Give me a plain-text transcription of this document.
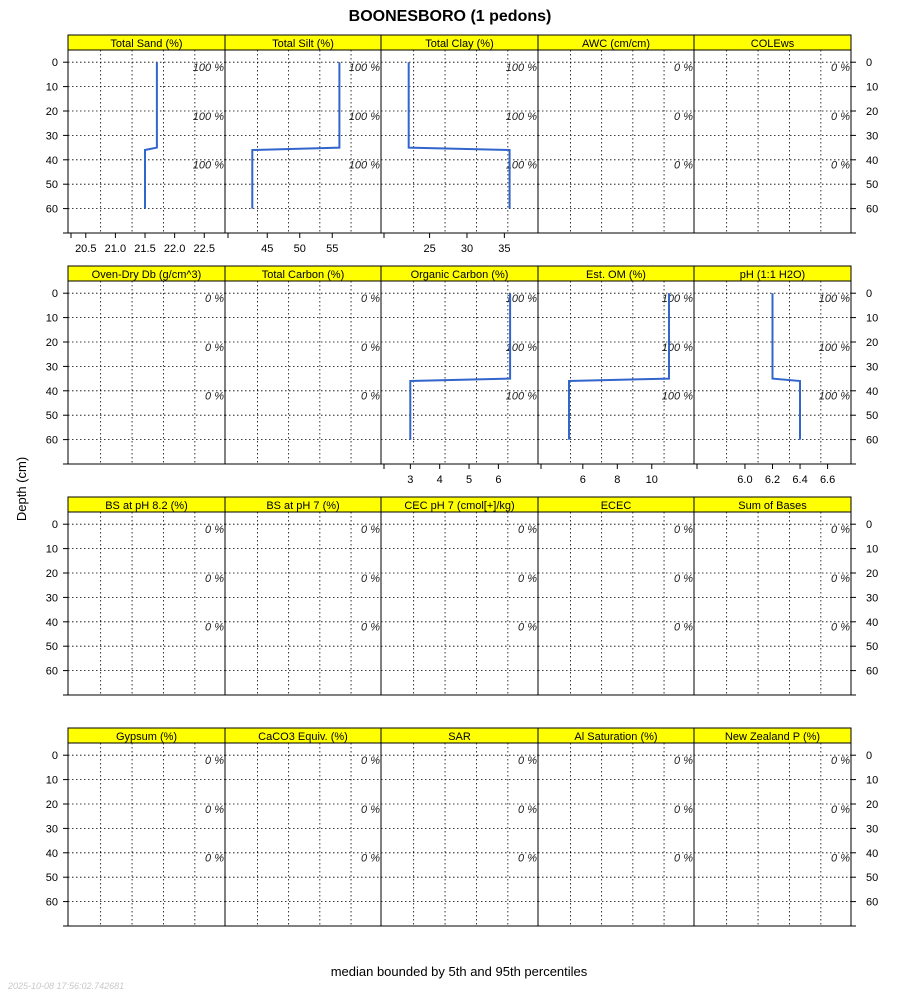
BOONESBORO (1 pedons)
Depth (cm)
median bounded by 5th and 95th percentiles
2025-10-08 17:56:02.742681
Total Sand (%)
100 %
100 %
100 %
20.5 21.0 21.5 22.0 22.5
Total Silt (%)
100 %
100 %
100 %
45 50 55
Total Clay (%)
100 %
100 %
100 %
25 30 35
AWC (cm/cm)
0 %
0 %
0 %
COLEws
0 %
0 %
0 %
0	0
10	10
20	20
30	30
40	40
50	50
60	60
Oven-Dry Db (g/cm^3)
0 %
0 %
0 %
Total Carbon (%)
0 %
0 %
0 %
Organic Carbon (%)
100 %
100 %
100 %
3 4 5 6
Est. OM (%)
100 %
100 %
100 %
6	8 10
pH (1:1 H2O)
100 %
100 %
100 %
6.0 6.2 6.4 6.6
0	0
10	10
20	20
30	30
40	40
50	50
60	60
BS at pH 8.2 (%)
0 %
0 %
0 %
BS at pH 7 (%)
0 %
0 %
0 %
CEC pH 7 (cmol[+]/kg)
0 %
0 %
0 %
ECEC
0 %
0 %
0 %
Sum of Bases
0 %
0 %
0 %
0	0
10	10
20	20
30	30
40	40
50	50
60	60
Gypsum (%)
0 %
0 %
0 %
CaCO3 Equiv. (%)
0 %
0 %
0 %
SAR
0 %
0 %
0 %
Al Saturation (%)
0 %
0 %
0 %
New Zealand P (%)
0 %
0 %
0 %
0	0
10	10
20	20
30	30
40	40
50	50
60	60
